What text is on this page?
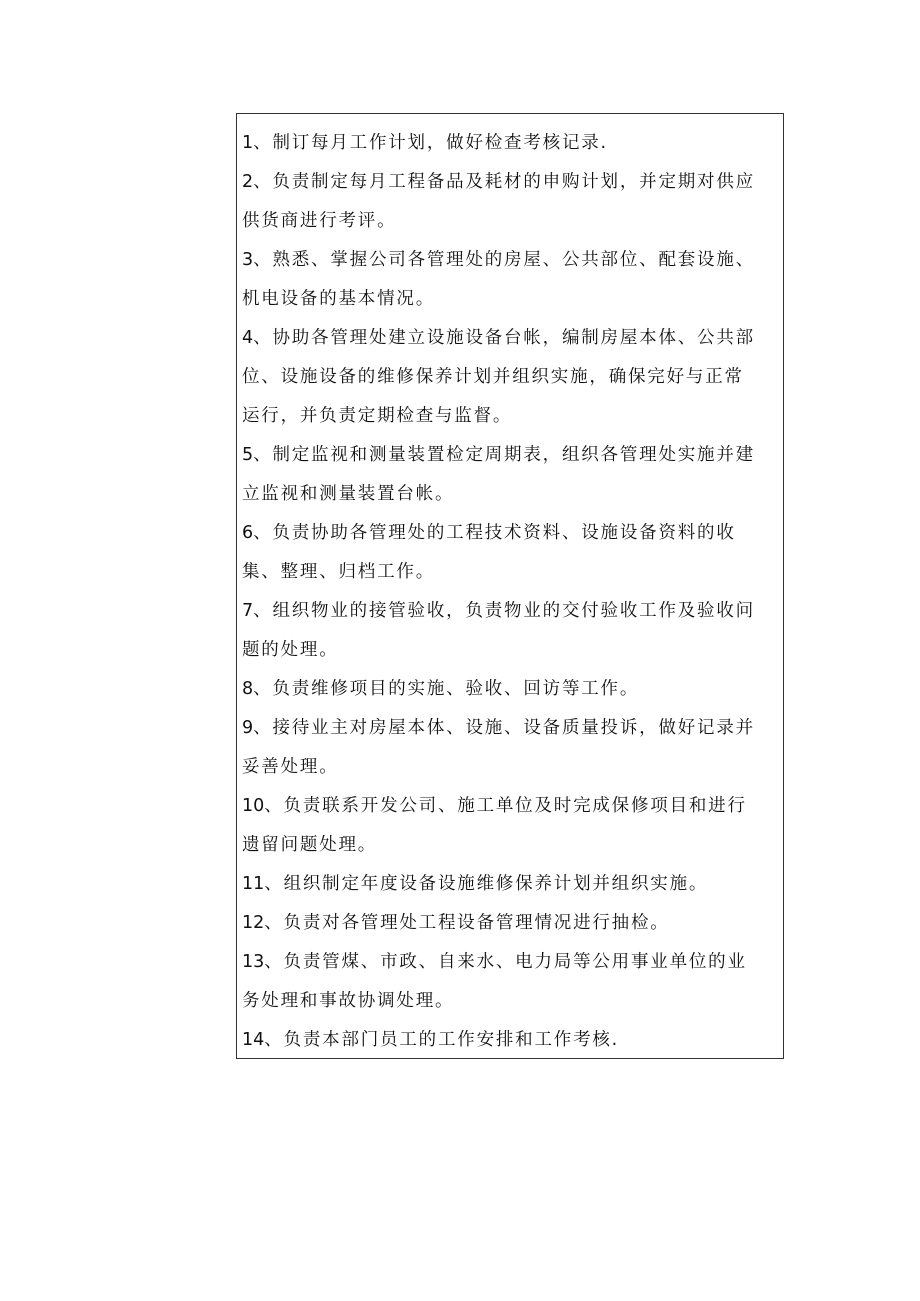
1、制订每月工作计划，做好检查考核记录.
2、负责制定每月工程备品及耗材的申购计划，并定期对供应
供货商进行考评。
3、熟悉、掌握公司各管理处的房屋、公共部位、配套设施、
机电设备的基本情况。
4、协助各管理处建立设施设备台帐，编制房屋本体、公共部
位、设施设备的维修保养计划并组织实施，确保完好与正常
运行，并负责定期检查与监督。
5、制定监视和测量装置检定周期表，组织各管理处实施并建
立监视和测量装置台帐。
6、负责协助各管理处的工程技术资料、设施设备资料的收
集、整理、归档工作。
7、组织物业的接管验收，负责物业的交付验收工作及验收问
题的处理。
8、负责维修项目的实施、验收、回访等工作。
9、接待业主对房屋本体、设施、设备质量投诉，做好记录并
妥善处理。
10、负责联系开发公司、施工单位及时完成保修项目和进行
遗留问题处理。
11、组织制定年度设备设施维修保养计划并组织实施。
12、负责对各管理处工程设备管理情况进行抽检。
13、负责管煤、市政、自来水、电力局等公用事业单位的业
务处理和事故协调处理。
14、负责本部门员工的工作安排和工作考核.
